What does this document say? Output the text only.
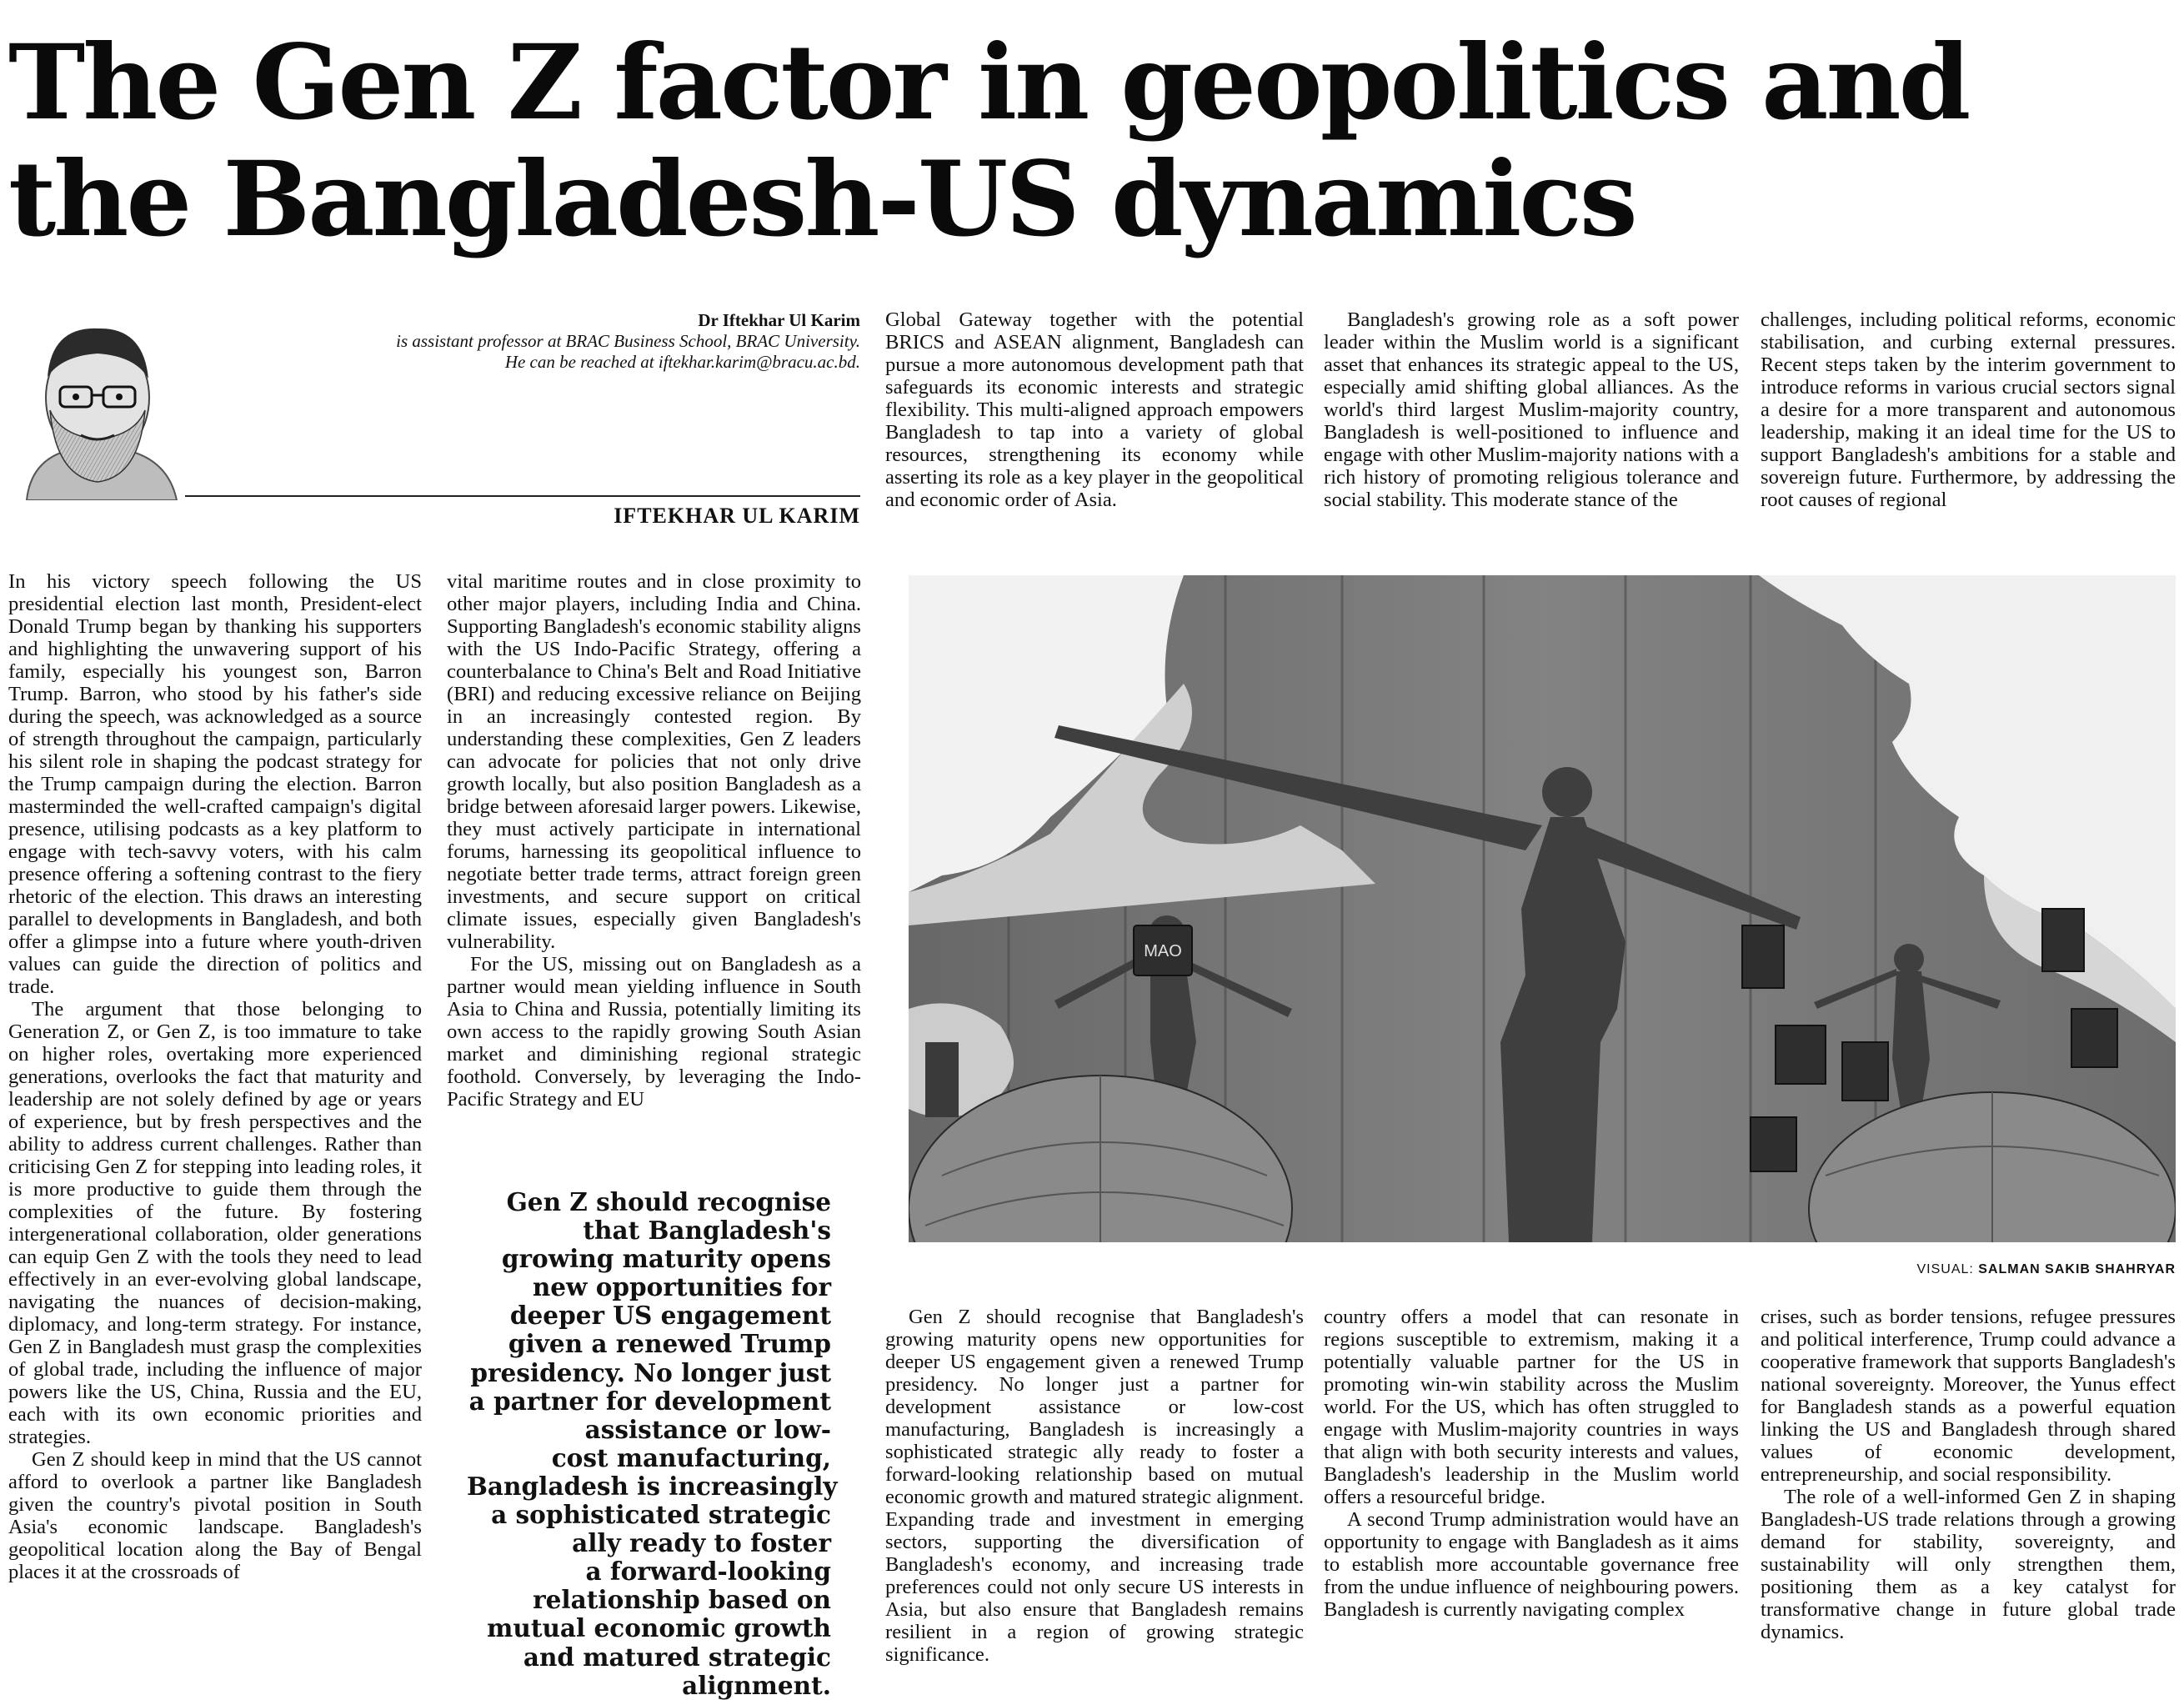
The Gen Z factor in geopolitics and
the Bangladesh-US dynamics
Dr Iftekhar Ul Karim
is assistant professor at BRAC Business School, BRAC University.
He can be reached at iftekhar.karim@bracu.ac.bd.
IFTEKHAR UL KARIM

In his victory speech following the US presidential election last month, President-elect Donald Trump began by thanking his supporters and highlighting the unwavering support of his family, especially his youngest son, Barron Trump. Barron, who stood by his father's side during the speech, was acknowledged as a source of strength throughout the campaign, particularly his silent role in shaping the podcast strategy for the Trump campaign during the election. Barron masterminded the well-crafted campaign's digital presence, utilising podcasts as a key platform to engage with tech-savvy voters, with his calm presence offering a softening contrast to the fiery rhetoric of the election. This draws an interesting parallel to developments in Bangladesh, and both offer a glimpse into a future where youth-driven values can guide the direction of politics and trade.

The argument that those belonging to Generation Z, or Gen Z, is too immature to take on higher roles, overtaking more experienced generations, overlooks the fact that maturity and leadership are not solely defined by age or years of experience, but by fresh perspectives and the ability to address current challenges. Rather than criticising Gen Z for stepping into leading roles, it is more productive to guide them through the complexities of the future. By fostering intergenerational collaboration, older generations can equip Gen Z with the tools they need to lead effectively in an ever-evolving global landscape, navigating the nuances of decision-making, diplomacy, and long-term strategy. For instance, Gen Z in Bangladesh must grasp the complexities of global trade, including the influence of major powers like the US, China, Russia and the EU, each with its own economic priorities and strategies.

Gen Z should keep in mind that the US cannot afford to overlook a partner like Bangladesh given the country's pivotal position in South Asia's economic landscape. Bangladesh's geopolitical location along the Bay of Bengal places it at the crossroads of

vital maritime routes and in close proximity to other major players, including India and China. Supporting Bangladesh's economic stability aligns with the US Indo-Pacific Strategy, offering a counterbalance to China's Belt and Road Initiative (BRI) and reducing excessive reliance on Beijing in an increasingly contested region. By understanding these complexities, Gen Z leaders can advocate for policies that not only drive growth locally, but also position Bangladesh as a bridge between aforesaid larger powers. Likewise, they must actively participate in international forums, harnessing its geopolitical influence to negotiate better trade terms, attract foreign green investments, and secure support on critical climate issues, especially given Bangladesh's vulnerability.

For the US, missing out on Bangladesh as a partner would mean yielding influence in South Asia to China and Russia, potentially limiting its own access to the rapidly growing South Asian market and diminishing regional strategic foothold. Conversely, by leveraging the Indo-Pacific Strategy and EU

Gen Z should recognise
that Bangladesh's
growing maturity opens
new opportunities for
deeper US engagement
given a renewed Trump
presidency. No longer just
a partner for development
assistance or low-
cost manufacturing,
Bangladesh is increasingly
a sophisticated strategic
ally ready to foster
a forward-looking
relationship based on
mutual economic growth
and matured strategic
alignment.

Global Gateway together with the potential BRICS and ASEAN alignment, Bangladesh can pursue a more autonomous development path that safeguards its economic interests and strategic flexibility. This multi-aligned approach empowers Bangladesh to tap into a variety of global resources, strengthening its economy while asserting its role as a key player in the geopolitical and economic order of Asia.

Bangladesh's growing role as a soft power leader within the Muslim world is a significant asset that enhances its strategic appeal to the US, especially amid shifting global alliances. As the world's third largest Muslim-majority country, Bangladesh is well-positioned to influence and engage with other Muslim-majority nations with a rich history of promoting religious tolerance and social stability. This moderate stance of the

challenges, including political reforms, economic stabilisation, and curbing external pressures. Recent steps taken by the interim government to introduce reforms in various crucial sectors signal a desire for a more transparent and autonomous leadership, making it an ideal time for the US to support Bangladesh's ambitions for a stable and sovereign future. Furthermore, by addressing the root causes of regional

MAO
VISUAL: SALMAN SAKIB SHAHRYAR

Gen Z should recognise that Bangladesh's growing maturity opens new opportunities for deeper US engagement given a renewed Trump presidency. No longer just a partner for development assistance or low-cost manufacturing, Bangladesh is increasingly a sophisticated strategic ally ready to foster a forward-looking relationship based on mutual economic growth and matured strategic alignment. Expanding trade and investment in emerging sectors, supporting the diversification of Bangladesh's economy, and increasing trade preferences could not only secure US interests in Asia, but also ensure that Bangladesh remains resilient in a region of growing strategic significance.

country offers a model that can resonate in regions susceptible to extremism, making it a potentially valuable partner for the US in promoting win-win stability across the Muslim world. For the US, which has often struggled to engage with Muslim-majority countries in ways that align with both security interests and values, Bangladesh's leadership in the Muslim world offers a resourceful bridge.

A second Trump administration would have an opportunity to engage with Bangladesh as it aims to establish more accountable governance free from the undue influence of neighbouring powers. Bangladesh is currently navigating complex

crises, such as border tensions, refugee pressures and political interference, Trump could advance a cooperative framework that supports Bangladesh's national sovereignty. Moreover, the Yunus effect for Bangladesh stands as a powerful equation linking the US and Bangladesh through shared values of economic development, entrepreneurship, and social responsibility.

The role of a well-informed Gen Z in shaping Bangladesh-US trade relations through a growing demand for stability, sovereignty, and sustainability will only strengthen them, positioning them as a key catalyst for transformative change in future global trade dynamics.
